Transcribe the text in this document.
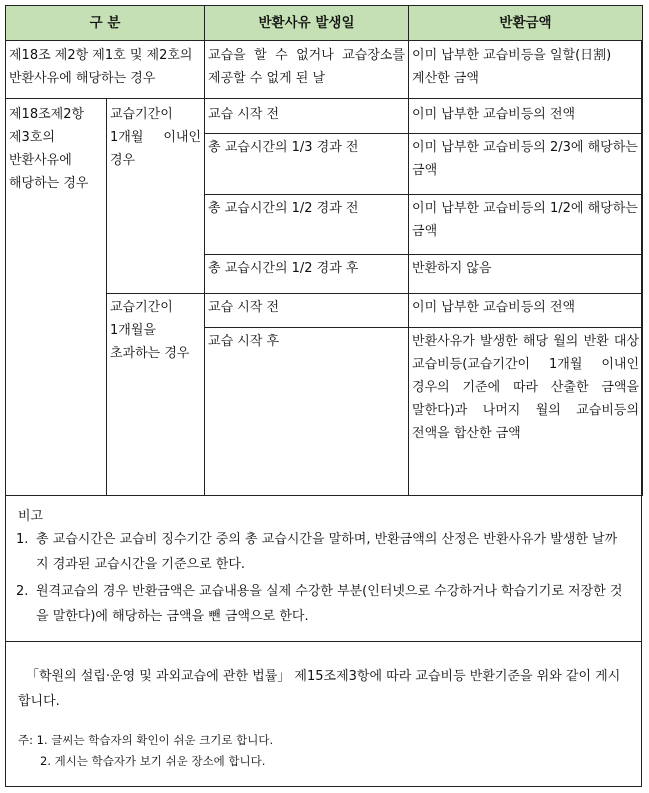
구 분		반환사유 발생일	반환금액
제18조 제2항 제1호 및 제2호의 반환사유에 해당하는 경우		교습을 할 수 없거나 교습장소를 제공할 수 없게 된 날	이미 납부한 교습비등을 일할(日割) 계산한 금액
제18조제2항 제3호의 반환사유에 해당하는 경우	교습기간이 1개월 이내인 경우	교습 시작 전	이미 납부한 교습비등의 전액
		총 교습시간의 1/3 경과 전	이미 납부한 교습비등의 2/3에 해당하는 금액
		총 교습시간의 1/2 경과 전	이미 납부한 교습비등의 1/2에 해당하는 금액
		총 교습시간의 1/2 경과 후	반환하지 않음
	교습기간이 1개월을 초과하는 경우	교습 시작 전	이미 납부한 교습비등의 전액
		교습 시작 후	반환사유가 발생한 해당 월의 반환 대상 교습비등(교습기간이 1개월 이내인 경우의 기준에 따라 산출한 금액을 말한다)과 나머지 월의 교습비등의 전액을 합산한 금액
비고
1. 총 교습시간은 교습비 징수기간 중의 총 교습시간을 말하며, 반환금액의 산정은 반환사유가 발생한 날까지 경과된 교습시간을 기준으로 한다.
2. 원격교습의 경우 반환금액은 교습내용을 실제 수강한 부분(인터넷으로 수강하거나 학습기기로 저장한 것을 말한다)에 해당하는 금액을 뺀 금액으로 한다.
「학원의 설립·운영 및 과외교습에 관한 법률」 제15조제3항에 따라 교습비등 반환기준을 위와 같이 게시합니다.
주: 1. 글씨는 학습자의 확인이 쉬운 크기로 합니다.
2. 게시는 학습자가 보기 쉬운 장소에 합니다.
